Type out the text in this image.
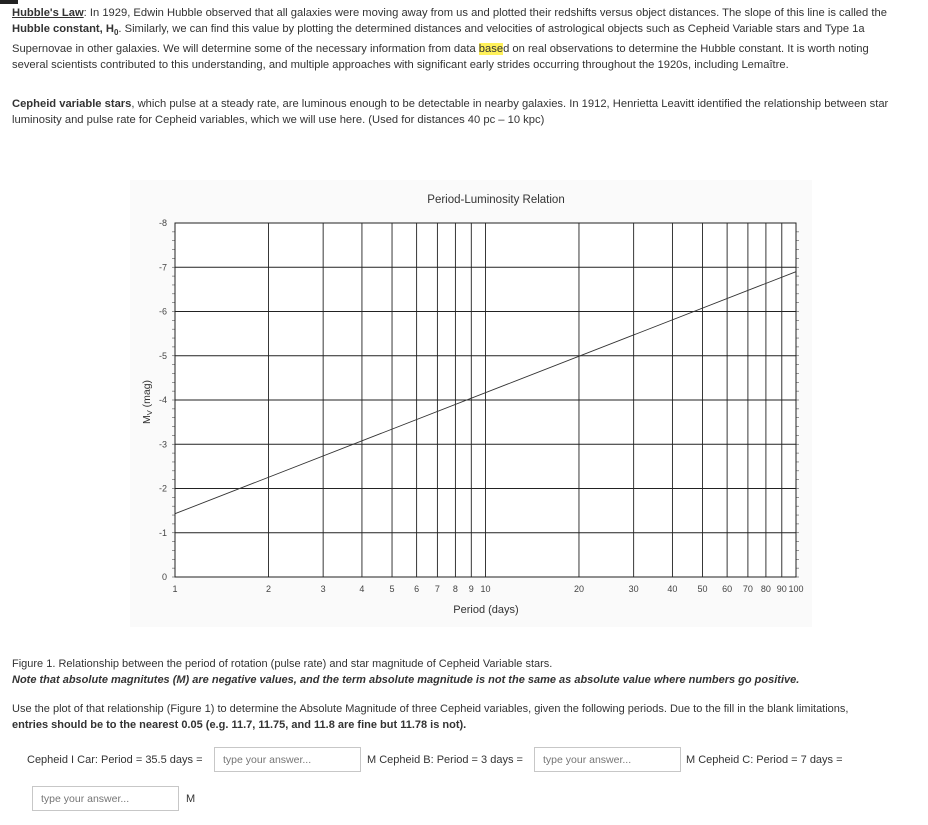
Hubble's Law: In 1929, Edwin Hubble observed that all galaxies were moving away from us and plotted their redshifts versus object distances. The slope of this line is called the
Hubble constant, $H_0$. Similarly, we can find this value by plotting the determined distances and velocities of astrological objects such as Cepheid Variable stars and Type 1a
Supernovae in other galaxies. We will determine some of the necessary information from data based on real observations to determine the Hubble constant. It is worth noting
several scientists contributed to this understanding, and multiple approaches with significant early strides occurring throughout the 1920s, including Lemaître.

Cepheid variable stars, which pulse at a steady rate, are luminous enough to be detectable in nearby galaxies. In 1912, Henrietta Leavitt identified the relationship between star
luminosity and pulse rate for Cepheid variables, which we will use here. (Used for distances 40 pc – 10 kpc)

Period-Luminosity Relation
Period (days)
MV (mag)
1	2	3	4	5 6 7 8 9 10	20	30	40 50 60 70 80 90 100
0
-1
-2
-3
-4
-5
-6
-7
-8

Figure 1. Relationship between the period of rotation (pulse rate) and star magnitude of Cepheid Variable stars.
Note that absolute magnitutes (M) are negative values, and the term absolute magnitude is not the same as absolute value where numbers go positive.

Use the plot of that relationship (Figure 1) to determine the Absolute Magnitude of three Cepheid variables, given the following periods. Due to the fill in the blank limitations,
entries should be to the nearest 0.05 (e.g. 11.7, 11.75, and 11.8 are fine but 11.78 is not).

Cepheid I Car: Period = 35.5 days =
type your answer...	M Cepheid B: Period = 3 days =
type your answer...	M Cepheid C: Period = 7 days =
type your answer...
M
